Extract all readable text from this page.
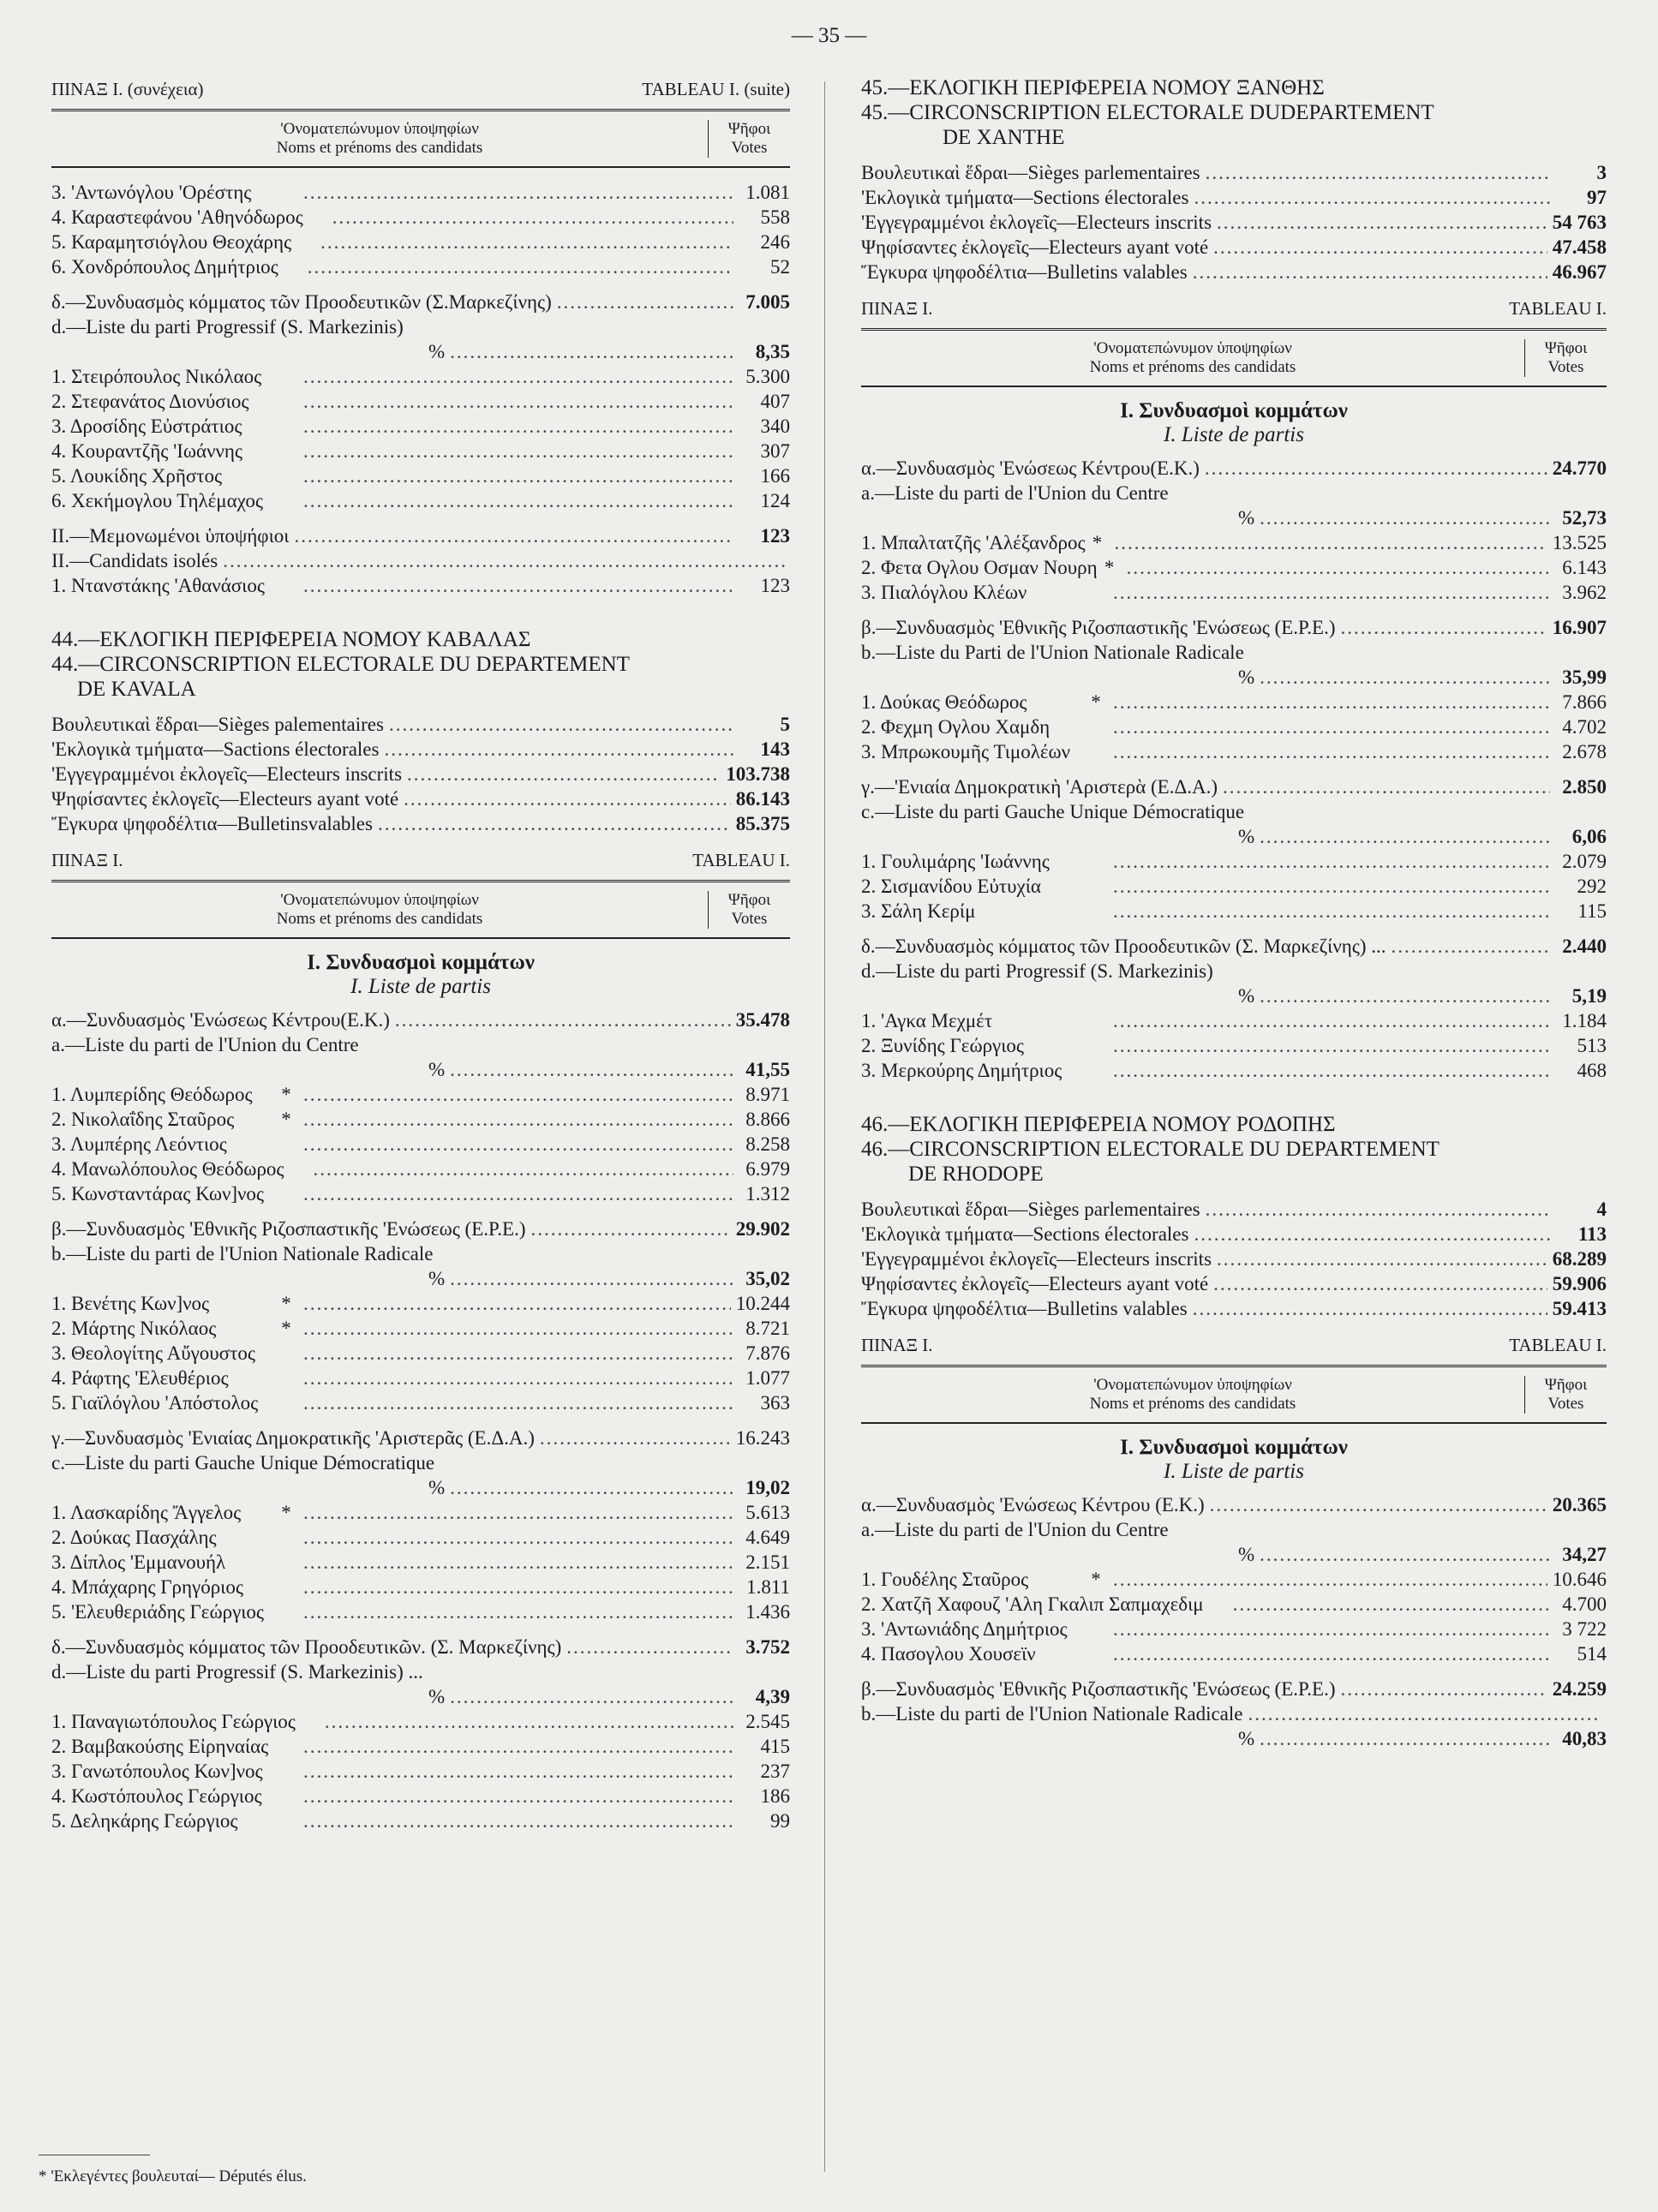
— 35 —
ΠΙΝΑΞ Ι. (συνέχεια)	TABLEAU I. (suite)
'Ονοματεπώνυμον ὑποψηφίων
Noms et prénoms des candidats
Ψῆφοι
Votes
3. 'Αντωνόγλου 'Ορέστης .....	1.081
4. Καραστεφάνου 'Αθηνόδωρος .....	558
5. Καραμητσιόγλου Θεοχάρης .....	246
6. Χονδρόπουλος Δημήτριος .....	52
δ.—Συνδυασμὸς κόμματος τῶν Προοδευτικῶν (Σ.Μαρκεζίνης) .....	7.005
d.—Liste du parti Progressif (S. Markezinis)
% .....	8,35
1. Στειρόπουλος Νικόλαος .....	5.300
2. Στεφανάτος Διονύσιος .....	407
3. Δροσίδης Εὐστράτιος .....	340
4. Κουραντζῆς 'Ιωάννης .....	307
5. Λουκίδης Χρῆστος .....	166
6. Χεκήμογλου Τηλέμαχος .....	124
ΙΙ.—Μεμονωμένοι ὑποψήφιοι .....	123
II.—Candidats isolés
.....
1. Ντανστάκης 'Αθανάσιος .....	123
44.—ΕΚΛΟΓΙΚΗ ΠΕΡΙΦΕΡΕΙΑ ΝΟΜΟΥ ΚΑΒΑΛΑΣ
44.—CIRCONSCRIPTION ELECTORALE DU DEPARTEMENT
DE KAVALA
Βουλευτικαὶ ἕδραι—Sièges palementaires .....	5
'Εκλογικὰ τμήματα—Sactions électorales .....	143
'Εγγεγραμμένοι ἐκλογεῖς—Electeurs inscrits .....	103.738
Ψηφίσαντες ἐκλογεῖς—Electeurs ayant voté .....	86.143
Ἔγκυρα ψηφοδέλτια—Bulletinsvalables .....	85.375
ΠΙΝΑΞ Ι.	TABLEAU I.
'Ονοματεπώνυμον ὑποψηφίων
Noms et prénoms des candidats
Ψῆφοι
Votes
Ι. Συνδυασμοὶ κομμάτων
I. Liste de partis
α.—Συνδυασμὸς 'Ενώσεως Κέντρου(Ε.Κ.) .....	35.478
a.—Liste du parti de l'Union du Centre
% .....	41,55
1. Λυμπερίδης Θεόδωρος	* .....	8.971
2. Νικολαΐδης Σταῦρος	* .....	8.866
3. Λυμπέρης Λεόντιος .....	8.258
4. Μανωλόπουλος Θεόδωρος .....	6.979
5. Κωνσταντάρας Κων]νος .....	1.312
β.—Συνδυασμὸς 'Εθνικῆς Ριζοσπαστικῆς 'Ενώσεως (Ε.Ρ.Ε.) .....	29.902
b.—Liste du parti de l'Union Nationale Radicale
% .....	35,02
1. Βενέτης Κων]νος	* .....	10.244
2. Μάρτης Νικόλαος	* .....	8.721
3. Θεολογίτης Αὔγουστος .....	7.876
4. Ράφτης 'Ελευθέριος .....	1.077
5. Γιαϊλόγλου 'Απόστολος .....	363
γ.—Συνδυασμὸς 'Ενιαίας Δημοκρατικῆς 'Αριστερᾶς (Ε.Δ.Α.) .....	16.243
c.—Liste du parti Gauche Unique Démocratique
% .....	19,02
1. Λασκαρίδης Ἄγγελος	* .....	5.613
2. Δούκας Πασχάλης .....	4.649
3. Δίπλος 'Εμμανουήλ .....	2.151
4. Μπάχαρης Γρηγόριος .....	1.811
5. 'Ελευθεριάδης Γεώργιος .....	1.436
δ.—Συνδυασμὸς κόμματος τῶν Προοδευτικῶν. (Σ. Μαρκεζίνης) .....	3.752
d.—Liste du parti Progressif (S. Markezinis) ...
% .....	4,39
1. Παναγιωτόπουλος Γεώργιος .....	2.545
2. Βαμβακούσης Εἰρηναίας .....	415
3. Γανωτόπουλος Κων]νος .....	237
4. Κωστόπουλος Γεώργιος .....	186
5. Δεληκάρης Γεώργιος .....	99
45.—ΕΚΛΟΓΙΚΗ ΠΕΡΙΦΕΡΕΙΑ ΝΟΜΟΥ ΞΑΝΘΗΣ
45.—CIRCONSCRIPTION ELECTORALE DUDEPARTEMENT
DE XANTHE
Βουλευτικαὶ ἕδραι—Sièges parlementaires .....	3
'Εκλογικὰ τμήματα—Sections électorales .....	97
'Εγγεγραμμένοι ἐκλογεῖς—Electeurs inscrits .....	54 763
Ψηφίσαντες ἐκλογεῖς—Electeurs ayant voté .....	47.458
Ἔγκυρα ψηφοδέλτια—Bulletins valables .....	46.967
ΠΙΝΑΞ Ι.	TABLEAU I.
'Ονοματεπώνυμον ὑποψηφίων
Noms et prénoms des candidats
Ψῆφοι
Votes
Ι. Συνδυασμοὶ κομμάτων
I. Liste de partis
α.—Συνδυασμὸς 'Ενώσεως Κέντρου(Ε.Κ.) .....	24.770
a.—Liste du parti de l'Union du Centre
% .....	52,73
1. Μπαλτατζῆς 'Αλέξανδρος * .....	13.525
2. Φετα Ογλου Οσμαν Νουρη * .....	6.143
3. Πιαλόγλου Κλέων .....	3.962
β.—Συνδυασμὸς 'Εθνικῆς Ριζοσπαστικῆς 'Ενώσεως (Ε.Ρ.Ε.) .....	16.907
b.—Liste du Parti de l'Union Nationale Radicale
% .....	35,99
1. Δούκας Θεόδωρος	* .....	7.866
2. Φεχμη Ογλου Χαμδη .....	4.702
3. Μπρωκουμῆς Τιμολέων .....	2.678
γ.—'Ενιαία Δημοκρατικὴ 'Αριστερὰ (Ε.Δ.Α.) .....	2.850
c.—Liste du parti Gauche Unique Démocratique
% .....	6,06
1. Γουλιμάρης 'Ιωάννης .....	2.079
2. Σισμανίδου Εὐτυχία .....	292
3. Σάλη Κερίμ .....	115
δ.—Συνδυασμὸς κόμματος τῶν Προοδευτικῶν (Σ. Μαρκεζίνης) ... .....	2.440
d.—Liste du parti Progressif (S. Markezinis)
% .....	5,19
1. 'Αγκα Μεχμέτ .....	1.184
2. Ξυνίδης Γεώργιος .....	513
3. Μερκούρης Δημήτριος .....	468
46.—ΕΚΛΟΓΙΚΗ ΠΕΡΙΦΕΡΕΙΑ ΝΟΜΟΥ ΡΟΔΟΠΗΣ
46.—CIRCONSCRIPTION ELECTORALE DU DEPARTEMENT
DE RHODOPE
Βουλευτικαὶ ἕδραι—Sièges parlementaires .....	4
'Εκλογικὰ τμήματα—Sections électorales .....	113
'Εγγεγραμμένοι ἐκλογεῖς—Electeurs inscrits .....	68.289
Ψηφίσαντες ἐκλογεῖς—Electeurs ayant voté .....	59.906
Ἔγκυρα ψηφοδέλτια—Bulletins valables .....	59.413
ΠΙΝΑΞ Ι.	TABLEAU I.
'Ονοματεπώνυμον ὑποψηφίων
Noms et prénoms des candidats
Ψῆφοι
Votes
Ι. Συνδυασμοὶ κομμάτων
I. Liste de partis
α.—Συνδυασμὸς 'Ενώσεως Κέντρου (Ε.Κ.) .....	20.365
a.—Liste du parti de l'Union du Centre
% .....	34,27
1. Γουδέλης Σταῦρος	* .....	10.646
2. Χατζῆ Χαφουζ 'Αλη Γκαλιπ Σαπμαχεδιμ .....	4.700
3. 'Αντωνιάδης Δημήτριος .....	3 722
4. Πασογλου Χουσεϊν .....	514
β.—Συνδυασμὸς 'Εθνικῆς Ριζοσπαστικῆς 'Ενώσεως (Ε.Ρ.Ε.) .....	24.259
b.—Liste du parti de l'Union Nationale Radicale
.....
% .....	40,83
* 'Εκλεγέντες βουλευταί— Députés élus.
